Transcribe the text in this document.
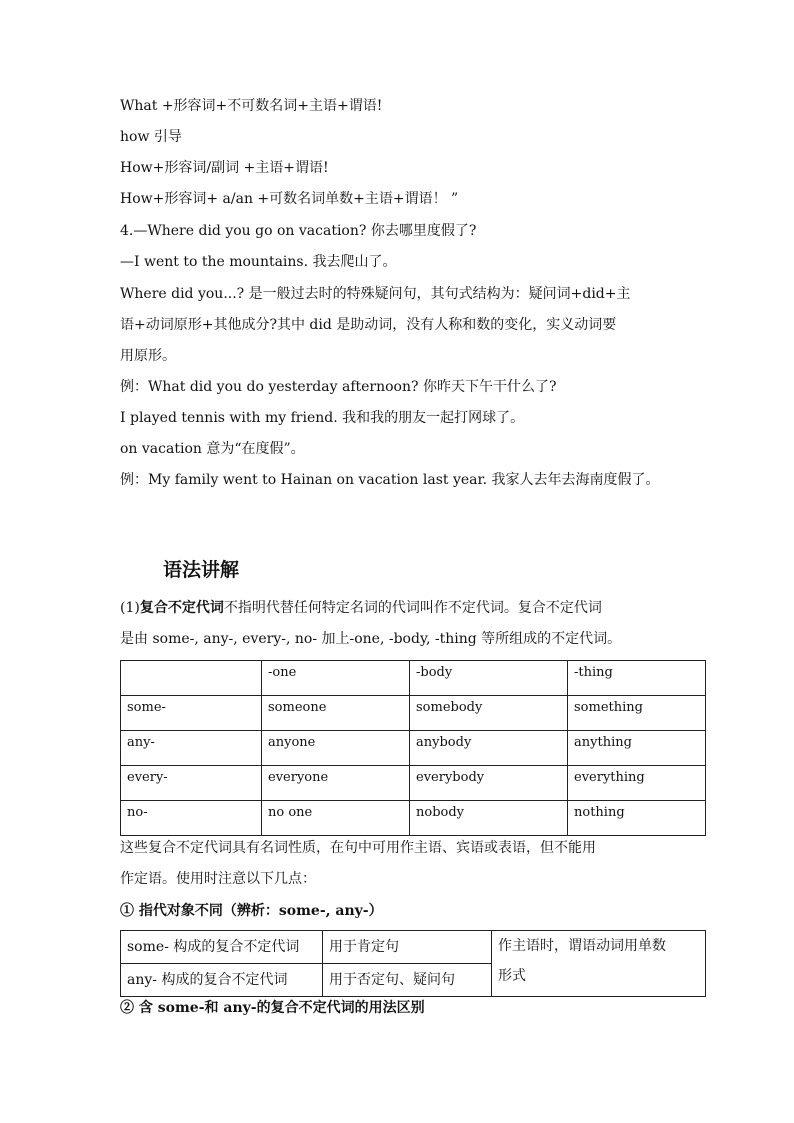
What +形容词+不可数名词+主语+谓语!
how 引导
How+形容词/副词 +主语+谓语!
How+形容词+ a/an +可数名词单数+主语+谓语！ ”
4.—Where did you go on vacation? 你去哪里度假了?
—I went to the mountains. 我去爬山了。
Where did you...? 是一般过去时的特殊疑问句，其句式结构为：疑问词+did+主
语+动词原形+其他成分?其中 did 是助动词，没有人称和数的变化，实义动词要
用原形。
例：What did you do yesterday afternoon? 你昨天下午干什么了?
I played tennis with my friend. 我和我的朋友一起打网球了。
on vacation 意为“在度假”。
例：My family went to Hainan on vacation last year. 我家人去年去海南度假了。
语法讲解
(1)复合不定代词不指明代替任何特定名词的代词叫作不定代词。复合不定代词
是由 some-, any-, every-, no- 加上-one, -body, -thing 等所组成的不定代词。
	-one	-body	-thing
some-	someone	somebody	something
any-	anyone	anybody	anything
every-	everyone	everybody	everything
no-	no one	nobody	nothing
这些复合不定代词具有名词性质，在句中可用作主语、宾语或表语，但不能用
作定语。使用时注意以下几点：
① 指代对象不同（辨析：some-, any-）
some- 构成的复合不定代词	用于肯定句	作主语时，谓语动词用单数
形式

any- 构成的复合不定代词	用于否定句、疑问句	
② 含 some-和 any-的复合不定代词的用法区别
